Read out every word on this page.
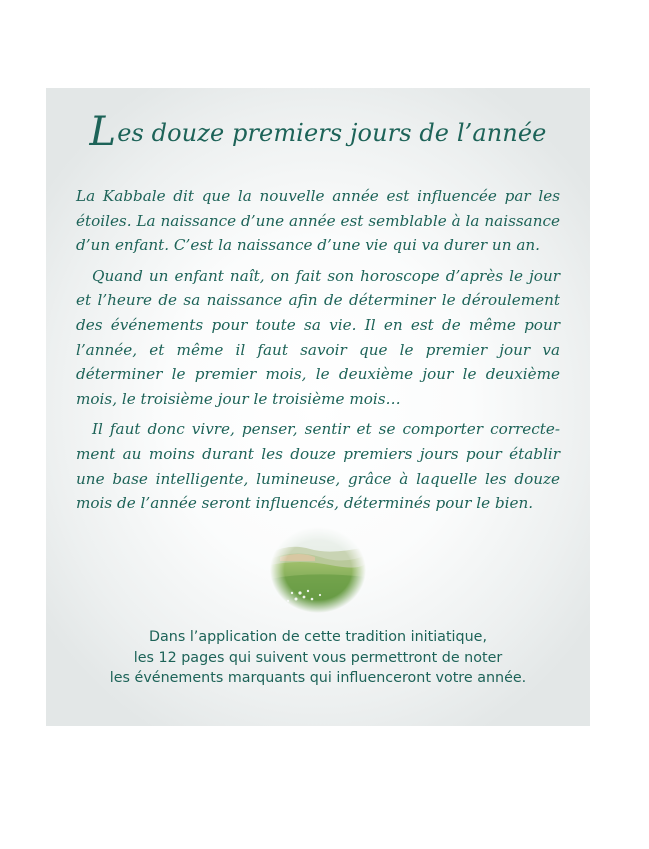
Les douze premiers jours de l’année

La Kabbale dit que la nouvelle année est influencée par les étoiles. La naissance d’une année est semblable à la naissance d’un enfant. C’est la naissance d’une vie qui va durer un an.

Quand un enfant naît, on fait son horoscope d’après le jour et l’heure de sa naissance afin de déterminer le déroulement des événements pour toute sa vie. Il en est de même pour l’année, et même il faut savoir que le premier jour va déterminer le premier mois, le deuxième jour le deuxième mois, le troisième jour le troisième mois…

Il faut donc vivre, penser, sentir et se comporter correctement au moins durant les douze premiers jours pour établir une base intelligente, lumineuse, grâce à laquelle les douze mois de l’année seront influencés, déterminés pour le bien.

Dans l’application de cette tradition initiatique,
les 12 pages qui suivent vous permettront de noter
les événements marquants qui influenceront votre année.
